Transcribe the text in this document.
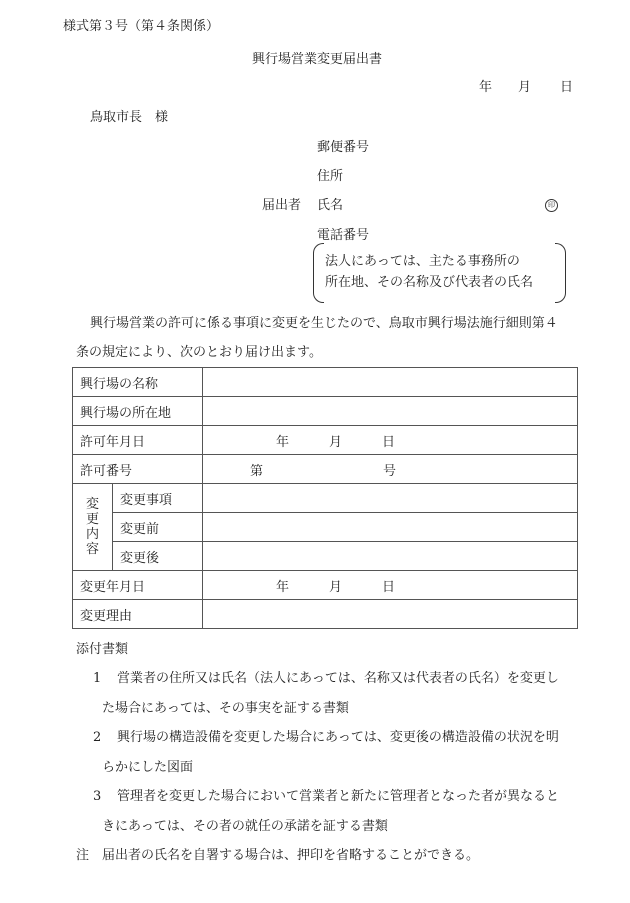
様式第３号（第４条関係）
興行場営業変更届出書
年 月 日
鳥取市長　様
郵便番号
住所
届出者 氏名	印
電話番号
法人にあっては、主たる事務所の
所在地、その名称及び代表者の氏名
興行場営業の許可に係る事項に変更を生じたので、鳥取市興行場法施行細則第４
条の規定により、次のとおり届け出ます。
興行場の名称		
興行場の所在地		
許可年月日		年 月 日
許可番号		第 号
変更内容	変更事項	
	変更前	
	変更後	
変更年月日		年 月 日
変更理由		
添付書類
1 営業者の住所又は氏名（法人にあっては、名称又は代表者の氏名）を変更し
た場合にあっては、その事実を証する書類
2 興行場の構造設備を変更した場合にあっては、変更後の構造設備の状況を明
らかにした図面
3 管理者を変更した場合において営業者と新たに管理者となった者が異なると
きにあっては、その者の就任の承諾を証する書類
注　届出者の氏名を自署する場合は、押印を省略することができる。
